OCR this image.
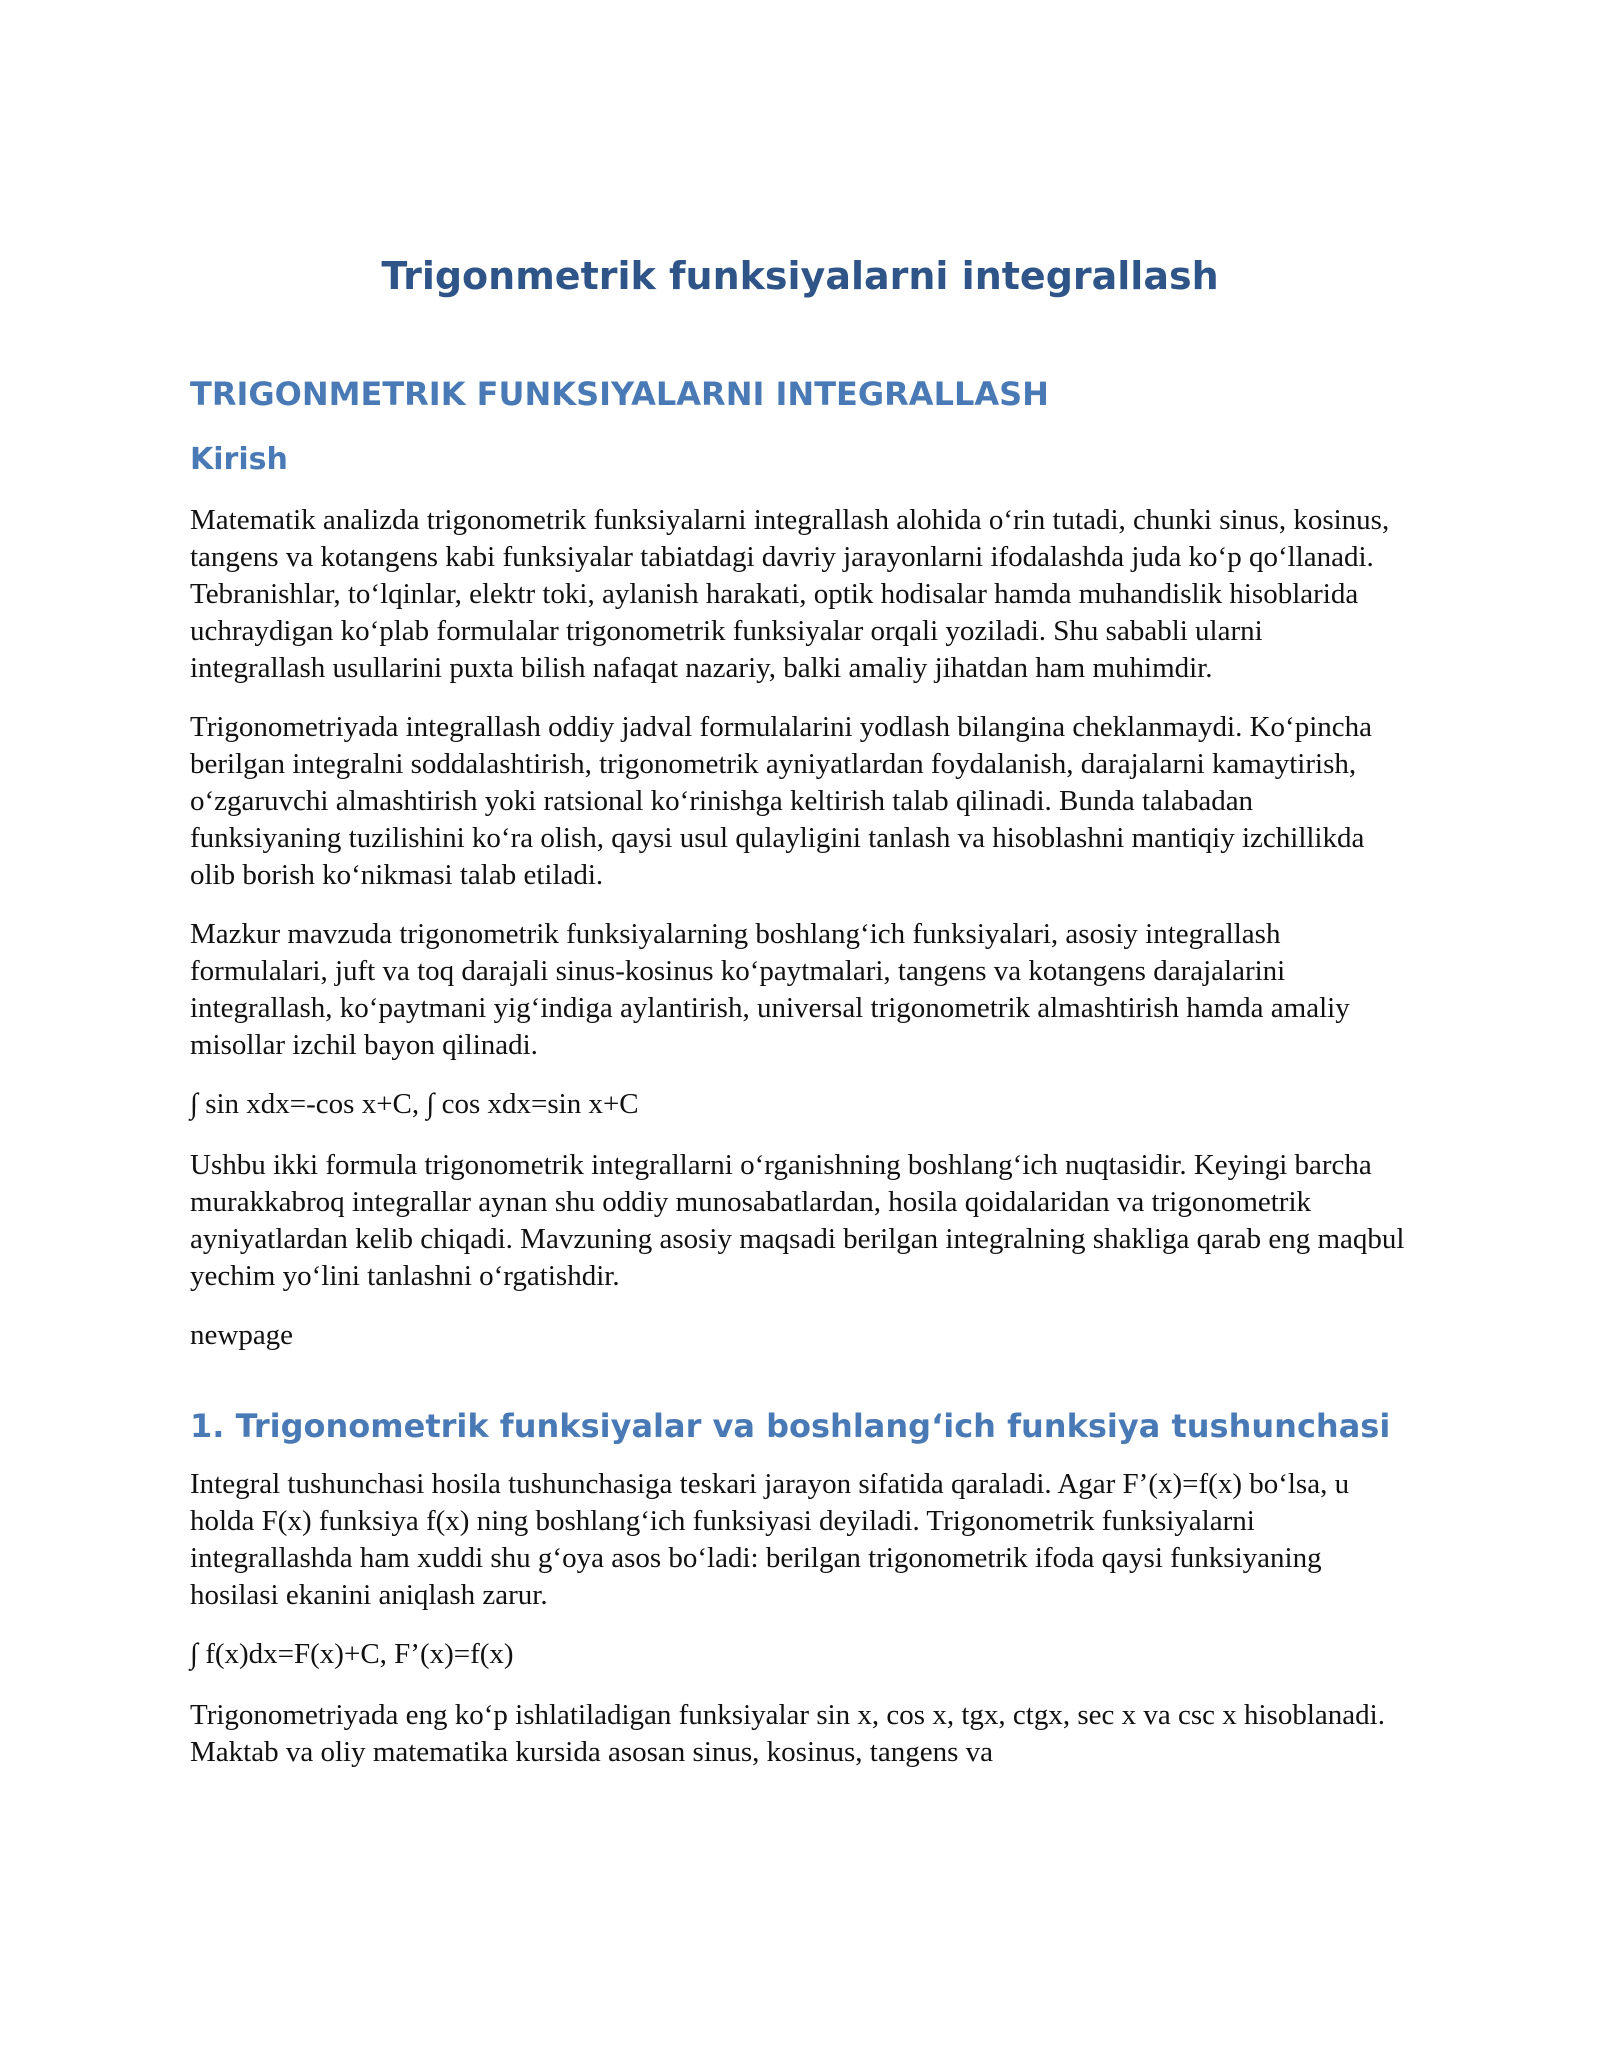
Trigonmetrik funksiyalarni integrallash
TRIGONMETRIK FUNKSIYALARNI INTEGRALLASH
Kirish

Matematik analizda trigonometrik funksiyalarni integrallash alohida oʻrin tutadi, chunki sinus, kosinus, tangens va kotangens kabi funksiyalar tabiatdagi davriy jarayonlarni ifodalashda juda koʻp qoʻllanadi. Tebranishlar, toʻlqinlar, elektr toki, aylanish harakati, optik hodisalar hamda muhandislik hisoblarida uchraydigan koʻplab formulalar trigonometrik funksiyalar orqali yoziladi. Shu sababli ularni integrallash usullarini puxta bilish nafaqat nazariy, balki amaliy jihatdan ham muhimdir.

Trigonometriyada integrallash oddiy jadval formulalarini yodlash bilangina cheklanmaydi. Koʻpincha berilgan integralni soddalashtirish, trigonometrik ayniyatlardan foydalanish, darajalarni kamaytirish, oʻzgaruvchi almashtirish yoki ratsional koʻrinishga keltirish talab qilinadi. Bunda talabadan funksiyaning tuzilishini koʻra olish, qaysi usul qulayligini tanlash va hisoblashni mantiqiy izchillikda olib borish koʻnikmasi talab etiladi.

Mazkur mavzuda trigonometrik funksiyalarning boshlangʻich funksiyalari, asosiy integrallash formulalari, juft va toq darajali sinus-kosinus koʻpaytmalari, tangens va kotangens darajalarini integrallash, koʻpaytmani yigʻindiga aylantirish, universal trigonometrik almashtirish hamda amaliy misollar izchil bayon qilinadi.

∫ sin xdx=-cos x+C, ∫ cos xdx=sin x+C

Ushbu ikki formula trigonometrik integrallarni oʻrganishning boshlangʻich nuqtasidir. Keyingi barcha murakkabroq integrallar aynan shu oddiy munosabatlardan, hosila qoidalaridan va trigonometrik ayniyatlardan kelib chiqadi. Mavzuning asosiy maqsadi berilgan integralning shakliga qarab eng maqbul yechim yoʻlini tanlashni oʻrgatishdir.

newpage

1. Trigonometrik funksiyalar va boshlangʻich funksiya tushunchasi

Integral tushunchasi hosila tushunchasiga teskari jarayon sifatida qaraladi. Agar F’(x)=f(x) boʻlsa, u holda F(x) funksiya f(x) ning boshlangʻich funksiyasi deyiladi. Trigonometrik funksiyalarni integrallashda ham xuddi shu gʻoya asos boʻladi: berilgan trigonometrik ifoda qaysi funksiyaning hosilasi ekanini aniqlash zarur.

∫ f(x)dx=F(x)+C, F’(x)=f(x)

Trigonometriyada eng koʻp ishlatiladigan funksiyalar sin x, cos x, tgx, ctgx, sec x va csc x hisoblanadi. Maktab va oliy matematika kursida asosan sinus, kosinus, tangens va
